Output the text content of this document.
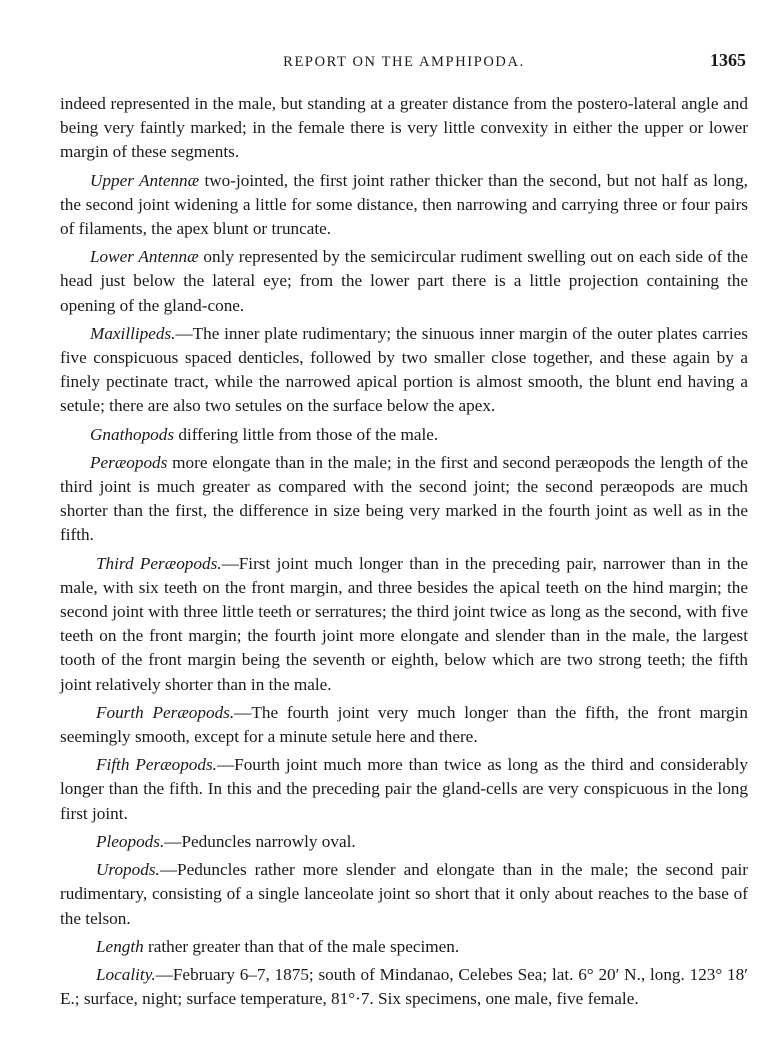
REPORT ON THE AMPHIPODA.	1365

indeed represented in the male, but standing at a greater distance from the postero-lateral angle and being very faintly marked; in the female there is very little convexity in either the upper or lower margin of these segments.

Upper Antennæ two-jointed, the first joint rather thicker than the second, but not half as long, the second joint widening a little for some distance, then narrowing and carrying three or four pairs of filaments, the apex blunt or truncate.

Lower Antennæ only represented by the semicircular rudiment swelling out on each side of the head just below the lateral eye; from the lower part there is a little projection containing the opening of the gland-cone.

Maxillipeds.—The inner plate rudimentary; the sinuous inner margin of the outer plates carries five conspicuous spaced denticles, followed by two smaller close together, and these again by a finely pectinate tract, while the narrowed apical portion is almost smooth, the blunt end having a setule; there are also two setules on the surface below the apex.

Gnathopods differing little from those of the male.

Peræopods more elongate than in the male; in the first and second peræopods the length of the third joint is much greater as compared with the second joint; the second peræopods are much shorter than the first, the difference in size being very marked in the fourth joint as well as in the fifth.

Third Peræopods.—First joint much longer than in the preceding pair, narrower than in the male, with six teeth on the front margin, and three besides the apical teeth on the hind margin; the second joint with three little teeth or serratures; the third joint twice as long as the second, with five teeth on the front margin; the fourth joint more elongate and slender than in the male, the largest tooth of the front margin being the seventh or eighth, below which are two strong teeth; the fifth joint relatively shorter than in the male.

Fourth Peræopods.—The fourth joint very much longer than the fifth, the front margin seemingly smooth, except for a minute setule here and there.

Fifth Peræopods.—Fourth joint much more than twice as long as the third and considerably longer than the fifth. In this and the preceding pair the gland-cells are very conspicuous in the long first joint.

Pleopods.—Peduncles narrowly oval.

Uropods.—Peduncles rather more slender and elongate than in the male; the second pair rudimentary, consisting of a single lanceolate joint so short that it only about reaches to the base of the telson.

Length rather greater than that of the male specimen.

Locality.—February 6–7, 1875; south of Mindanao, Celebes Sea; lat. 6° 20′ N., long. 123° 18′ E.; surface, night; surface temperature, 81°·7. Six specimens, one male, five female.
